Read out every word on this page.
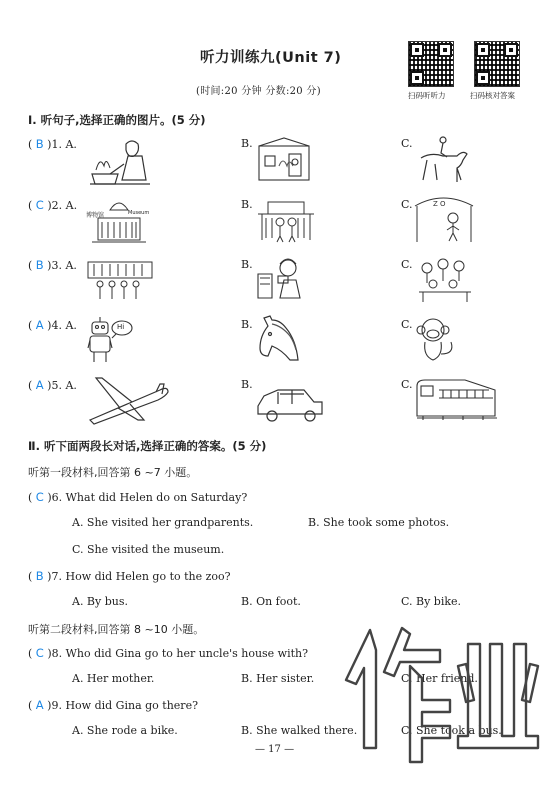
听力训练九(Unit 7)
(时间:20 分钟 分数:20 分)	扫码听听力	扫码核对答案
Ⅰ. 听句子,选择正确的图片。(5 分)
( B )1. A.	B.	C.
( C )2. A.	B.	C.
博物馆	Museum
Z O
( B )3. A.	B.	C.
( A )4. A.	B.	C.
Hi
( A )5. A.	B.	C.
Ⅱ. 听下面两段长对话,选择正确的答案。(5 分)
听第一段材料,回答第 6 ~7 小题。
( C )6. What did Helen do on Saturday?
A. She visited her grandparents.	B. She took some photos.
C. She visited the museum.
( B )7. How did Helen go to the zoo?
A. By bus.	B. On foot.	C. By bike.
听第二段材料,回答第 8 ~10 小题。
( C )8. Who did Gina go to her uncle's house with?
A. Her mother.	B. Her sister.	C. Her friend.
( A )9. How did Gina go there?
A. She rode a bike.	B. She walked there.	C. She took a bus.
— 17 —
